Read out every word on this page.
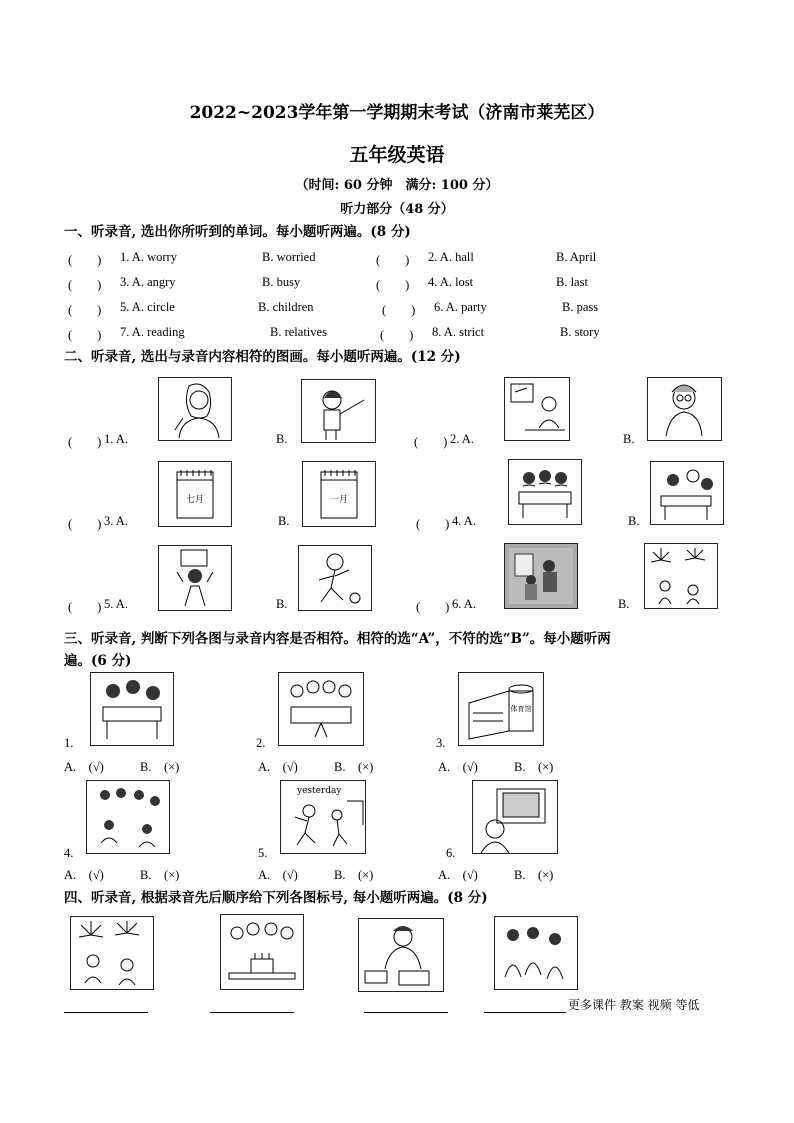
2022~2023学年第一学期期末考试（济南市莱芜区）
五年级英语
（时间: 60 分钟　满分: 100 分）
听力部分（48 分）
一、听录音, 选出你所听到的单词。每小题听两遍。(8 分)
(　　) 1. A. worry	B. worried	(　　) 2. A. hall	B. April
(　　) 3. A. angry	B. busy	(　　) 4. A. lost	B. last
(　　) 5. A. circle	B. children	(　　) 6. A. party	B. pass
(　　) 7. A. reading	B. relatives	(　　) 8. A. strict	B. story
二、听录音, 选出与录音内容相符的图画。每小题听两遍。(12 分)
(　　) 1. A.	B.	(　　) 2. A.	B.
(　　) 3. A.
七月
B.
一月
(　　) 4. A.	B.
(　　) 5. A.	B.	(　　) 6. A.	B.
三、听录音, 判断下列各图与录音内容是否相符。相符的选“A”，不符的选“B”。每小题听两
遍。(6 分)
1.	2.
体育馆
3.
A.　(√)	B.　(×)	A.　(√)	B.　(×)	A.　(√)	B.　(×)
4.
yesterday
5.	6.
A.　(√)	B.　(×)	A.　(√)	B.　(×)	A.　(√)	B.　(×)
四、听录音, 根据录音先后顺序给下列各图标号, 每小题听两遍。(8 分)
更多课件 教案 视频 等低
